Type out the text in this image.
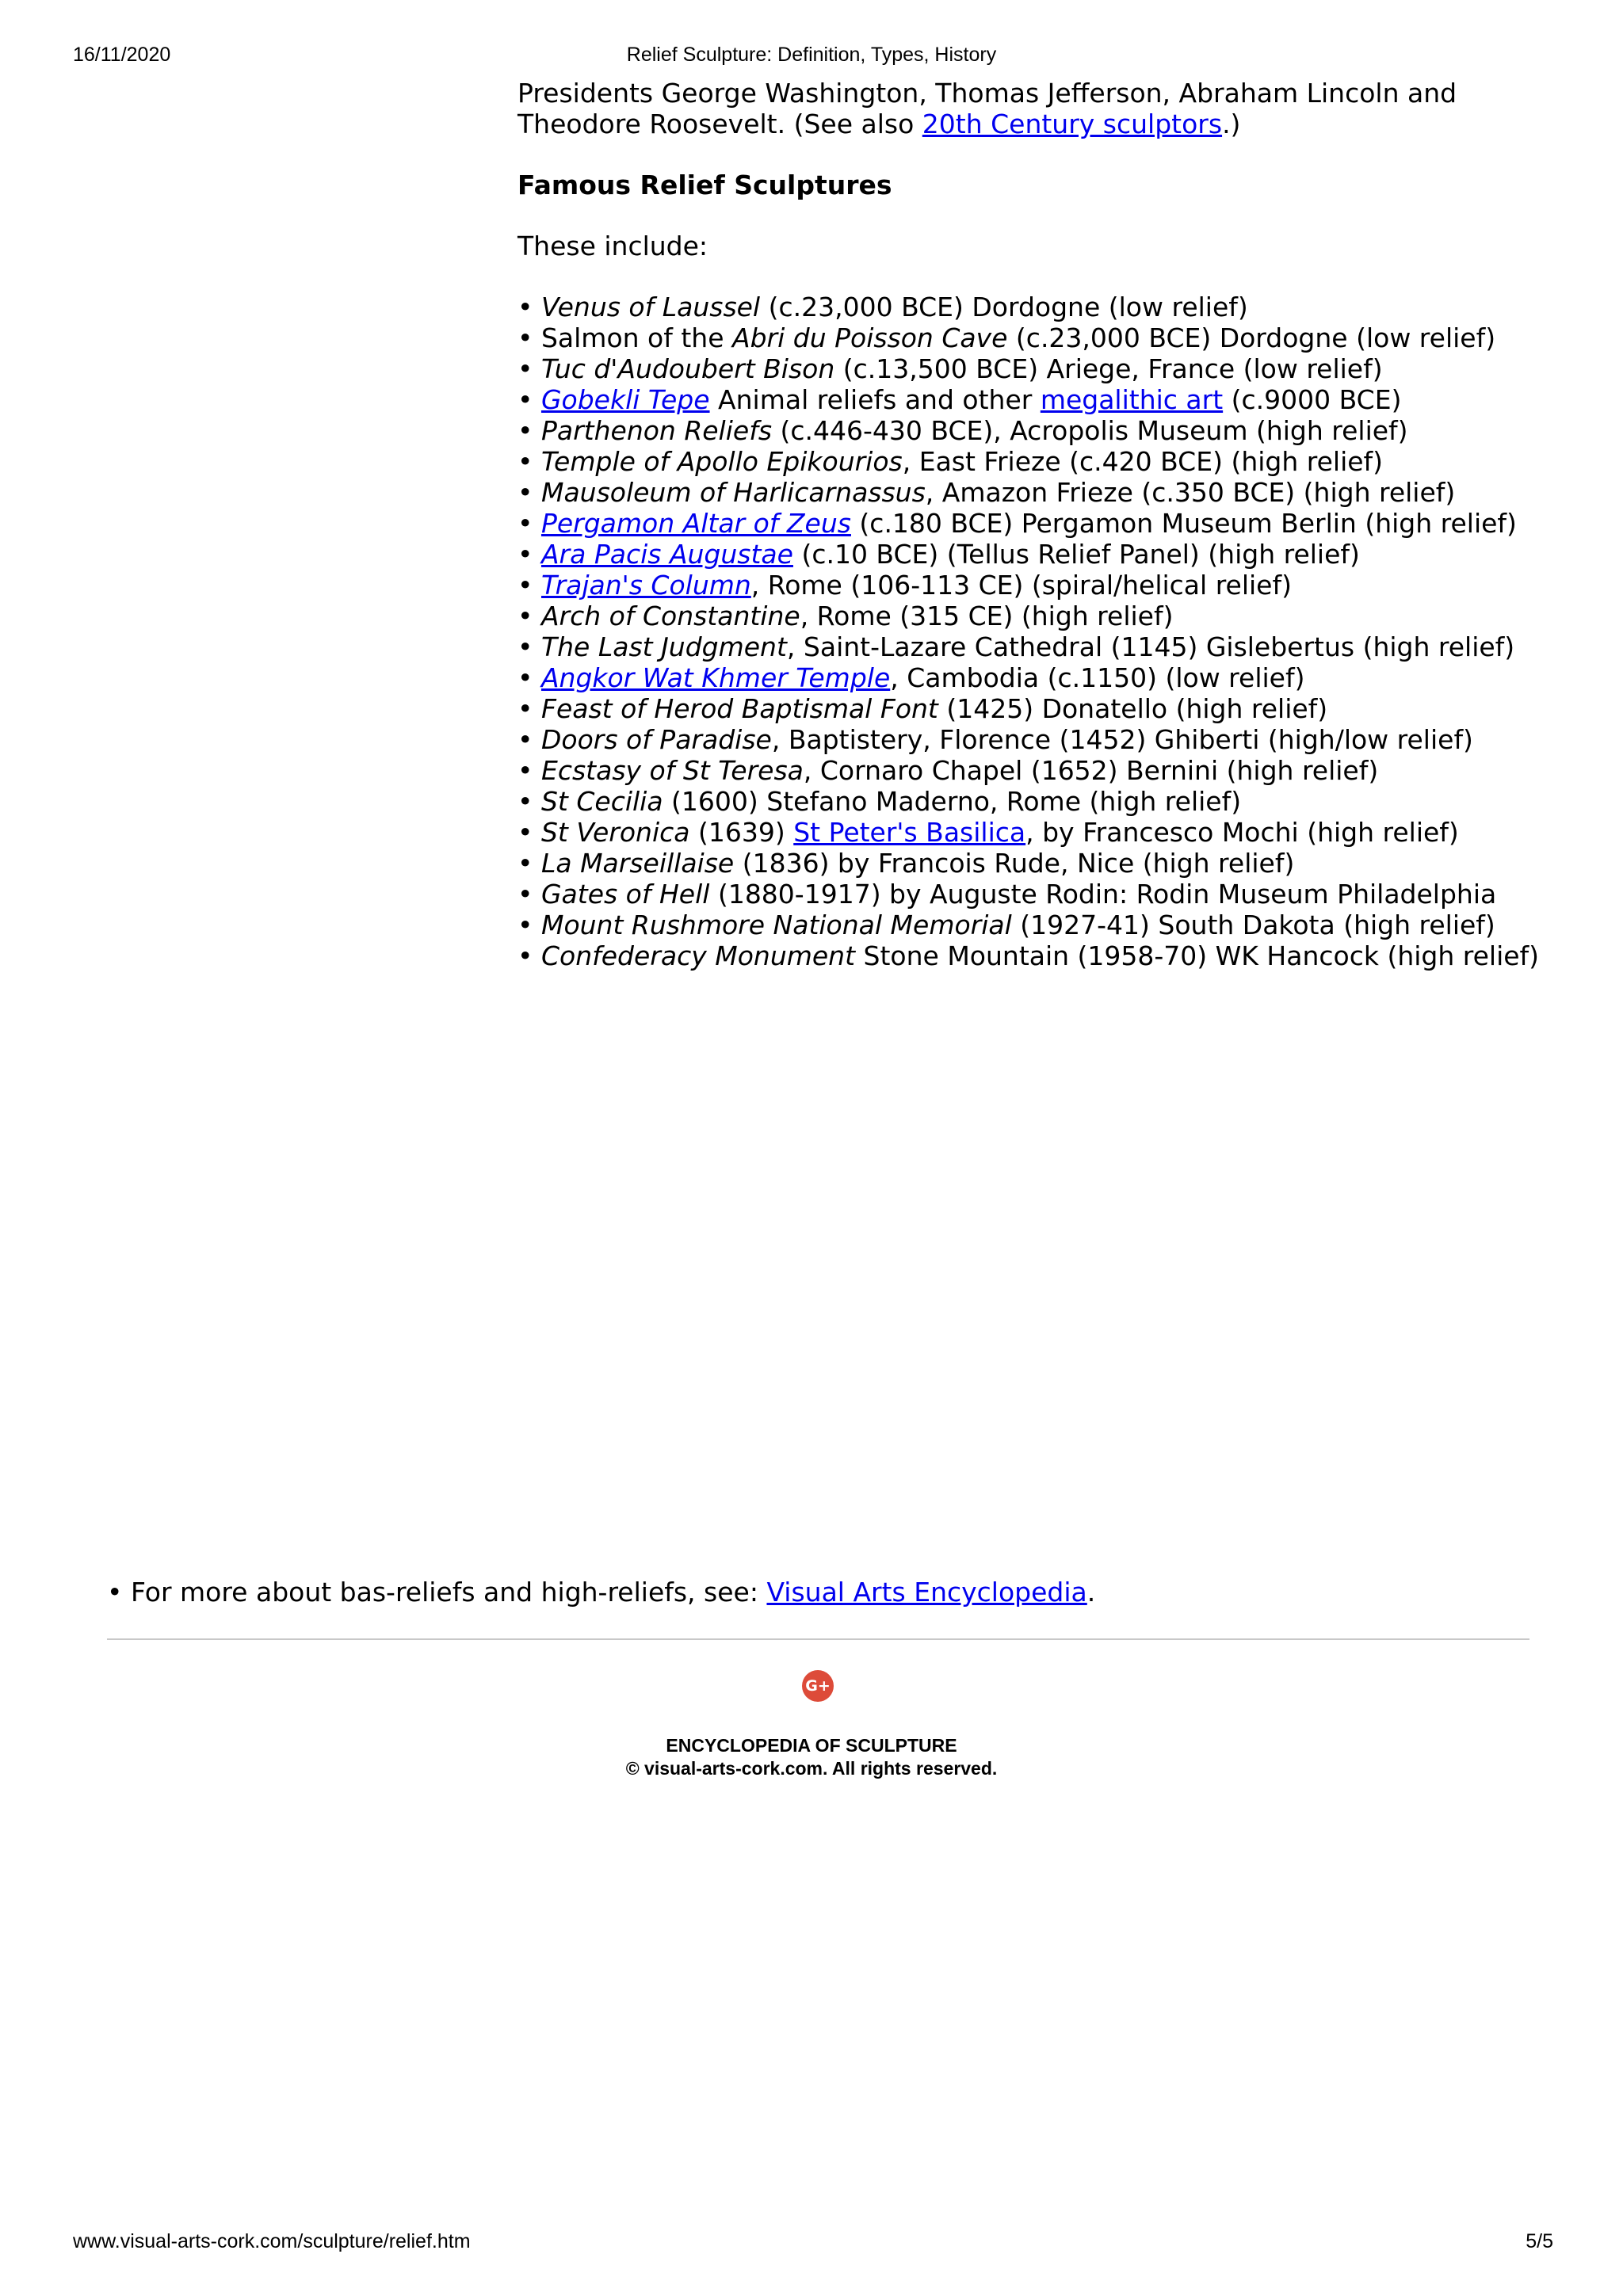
16/11/2020	Relief Sculpture: Definition, Types, History

Presidents George Washington, Thomas Jefferson, Abraham Lincoln and
Theodore Roosevelt. (See also 20th Century sculptors.)

Famous Relief Sculptures

These include:

• Venus of Laussel (c.23,000 BCE) Dordogne (low relief)
• Salmon of the Abri du Poisson Cave (c.23,000 BCE) Dordogne (low relief)
• Tuc d'Audoubert Bison (c.13,500 BCE) Ariege, France (low relief)
• Gobekli Tepe Animal reliefs and other megalithic art (c.9000 BCE)
• Parthenon Reliefs (c.446-430 BCE), Acropolis Museum (high relief)
• Temple of Apollo Epikourios, East Frieze (c.420 BCE) (high relief)
• Mausoleum of Harlicarnassus, Amazon Frieze (c.350 BCE) (high relief)
• Pergamon Altar of Zeus (c.180 BCE) Pergamon Museum Berlin (high relief)
• Ara Pacis Augustae (c.10 BCE) (Tellus Relief Panel) (high relief)
• Trajan's Column, Rome (106-113 CE) (spiral/helical relief)
• Arch of Constantine, Rome (315 CE) (high relief)
• The Last Judgment, Saint-Lazare Cathedral (1145) Gislebertus (high relief)
• Angkor Wat Khmer Temple, Cambodia (c.1150) (low relief)
• Feast of Herod Baptismal Font (1425) Donatello (high relief)
• Doors of Paradise, Baptistery, Florence (1452) Ghiberti (high/low relief)
• Ecstasy of St Teresa, Cornaro Chapel (1652) Bernini (high relief)
• St Cecilia (1600) Stefano Maderno, Rome (high relief)
• St Veronica (1639) St Peter's Basilica, by Francesco Mochi (high relief)
• La Marseillaise (1836) by Francois Rude, Nice (high relief)
• Gates of Hell (1880-1917) by Auguste Rodin: Rodin Museum Philadelphia
• Mount Rushmore National Memorial (1927-41) South Dakota (high relief)
• Confederacy Monument Stone Mountain (1958-70) WK Hancock (high relief)
• For more about bas-reliefs and high-reliefs, see: Visual Arts Encyclopedia.
G+
ENCYCLOPEDIA OF SCULPTURE
© visual-arts-cork.com. All rights reserved.
www.visual-arts-cork.com/sculpture/relief.htm	5/5
